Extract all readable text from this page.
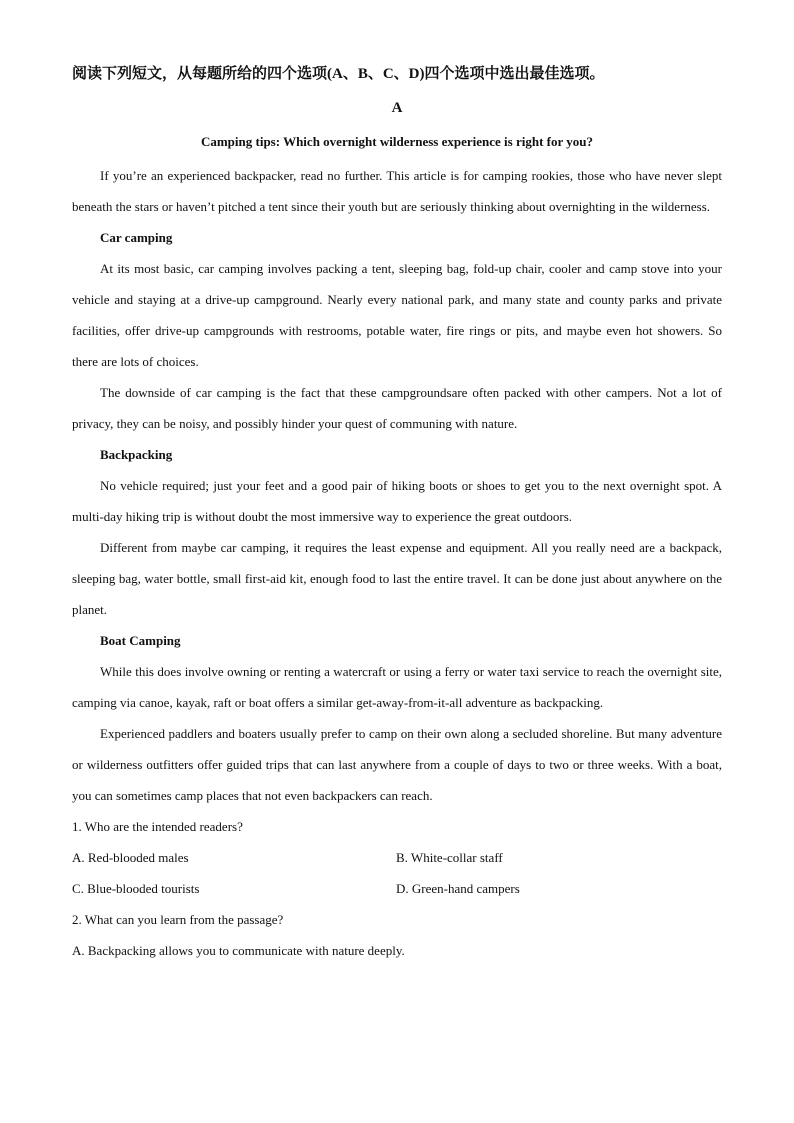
阅读下列短文，从每题所给的四个选项(A、B、C、D)四个选项中选出最佳选项。
A
Camping tips: Which overnight wilderness experience is right for you?

If you’re an experienced backpacker, read no further. This article is for camping rookies, those who have never slept beneath the stars or haven’t pitched a tent since their youth but are seriously thinking about overnighting in the wilderness.

Car camping

At its most basic, car camping involves packing a tent, sleeping bag, fold-up chair, cooler and camp stove into your vehicle and staying at a drive-up campground. Nearly every national park, and many state and county parks and private facilities, offer drive-up campgrounds with restrooms, potable water, fire rings or pits, and maybe even hot showers. So there are lots of choices.

The downside of car camping is the fact that these campgroundsare often packed with other campers. Not a lot of privacy, they can be noisy, and possibly hinder your quest of communing with nature.

Backpacking

No vehicle required; just your feet and a good pair of hiking boots or shoes to get you to the next overnight spot. A multi-day hiking trip is without doubt the most immersive way to experience the great outdoors.

Different from maybe car camping, it requires the least expense and equipment. All you really need are a backpack, sleeping bag, water bottle, small first-aid kit, enough food to last the entire travel. It can be done just about anywhere on the planet.

Boat Camping

While this does involve owning or renting a watercraft or using a ferry or water taxi service to reach the overnight site, camping via canoe, kayak, raft or boat offers a similar get-away-from-it-all adventure as backpacking.

Experienced paddlers and boaters usually prefer to camp on their own along a secluded shoreline. But many adventure or wilderness outfitters offer guided trips that can last anywhere from a couple of days to two or three weeks. With a boat, you can sometimes camp places that not even backpackers can reach.

1. Who are the intended readers?
A. Red-blooded males	B. White-collar staff
C. Blue-blooded tourists	D. Green-hand campers
2. What can you learn from the passage?
A. Backpacking allows you to communicate with nature deeply.
